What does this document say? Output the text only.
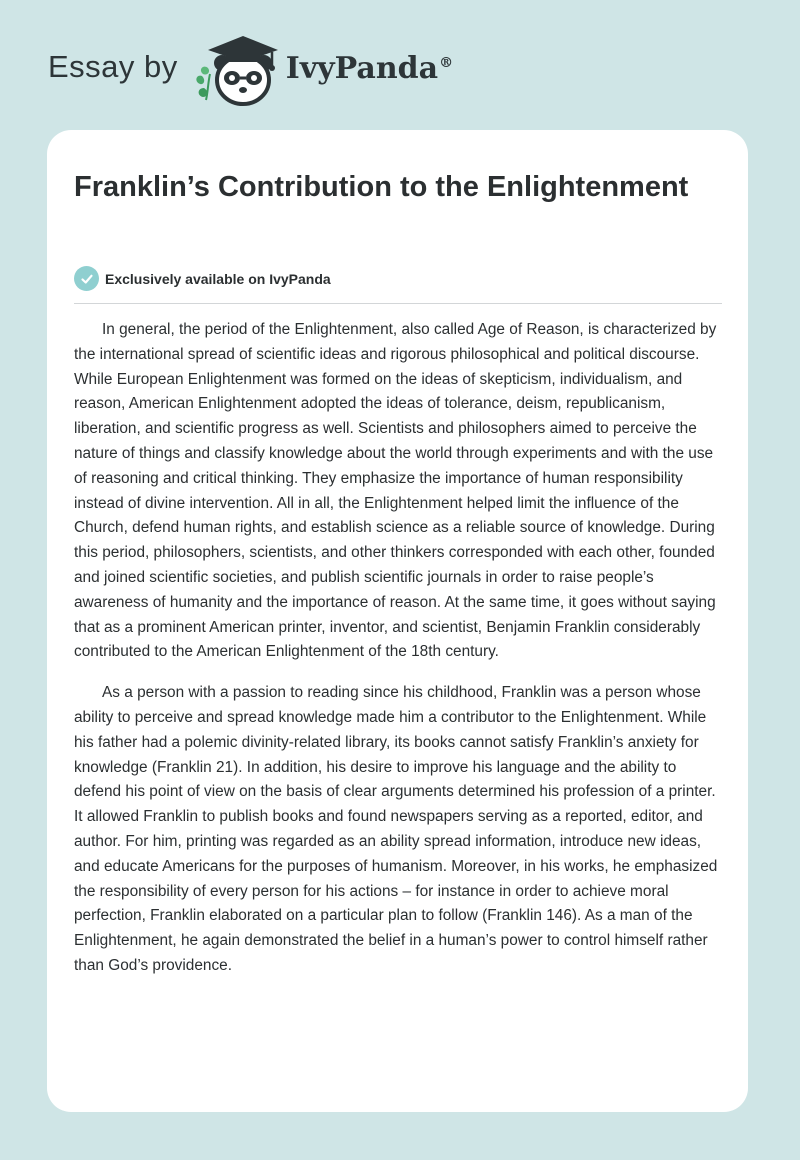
Essay by	IvyPanda®
Franklin’s Contribution to the Enlightenment
Exclusively available on IvyPanda

In general, the period of the Enlightenment, also called Age of Reason, is characterized by the international spread of scientific ideas and rigorous philosophical and political discourse. While European Enlightenment was formed on the ideas of skepticism, individualism, and reason, American Enlightenment adopted the ideas of tolerance, deism, republicanism, liberation, and scientific progress as well. Scientists and philosophers aimed to perceive the nature of things and classify knowledge about the world through experiments and with the use of reasoning and critical thinking. They emphasize the importance of human responsibility instead of divine intervention. All in all, the Enlightenment helped limit the influence of the Church, defend human rights, and establish science as a reliable source of knowledge. During this period, philosophers, scientists, and other thinkers corresponded with each other, founded and joined scientific societies, and publish scientific journals in order to raise people’s awareness of humanity and the importance of reason. At the same time, it goes without saying that as a prominent American printer, inventor, and scientist, Benjamin Franklin considerably contributed to the American Enlightenment of the 18th century.

As a person with a passion to reading since his childhood, Franklin was a person whose ability to perceive and spread knowledge made him a contributor to the Enlightenment. While his father had a polemic divinity-related library, its books cannot satisfy Franklin’s anxiety for knowledge (Franklin 21). In addition, his desire to improve his language and the ability to defend his point of view on the basis of clear arguments determined his profession of a printer. It allowed Franklin to publish books and found newspapers serving as a reported, editor, and author. For him, printing was regarded as an ability spread information, introduce new ideas, and educate Americans for the purposes of humanism. Moreover, in his works, he emphasized the responsibility of every person for his actions – for instance in order to achieve moral perfection, Franklin elaborated on a particular plan to follow (Franklin 146). As a man of the Enlightenment, he again demonstrated the belief in a human’s power to control himself rather than God’s providence.
